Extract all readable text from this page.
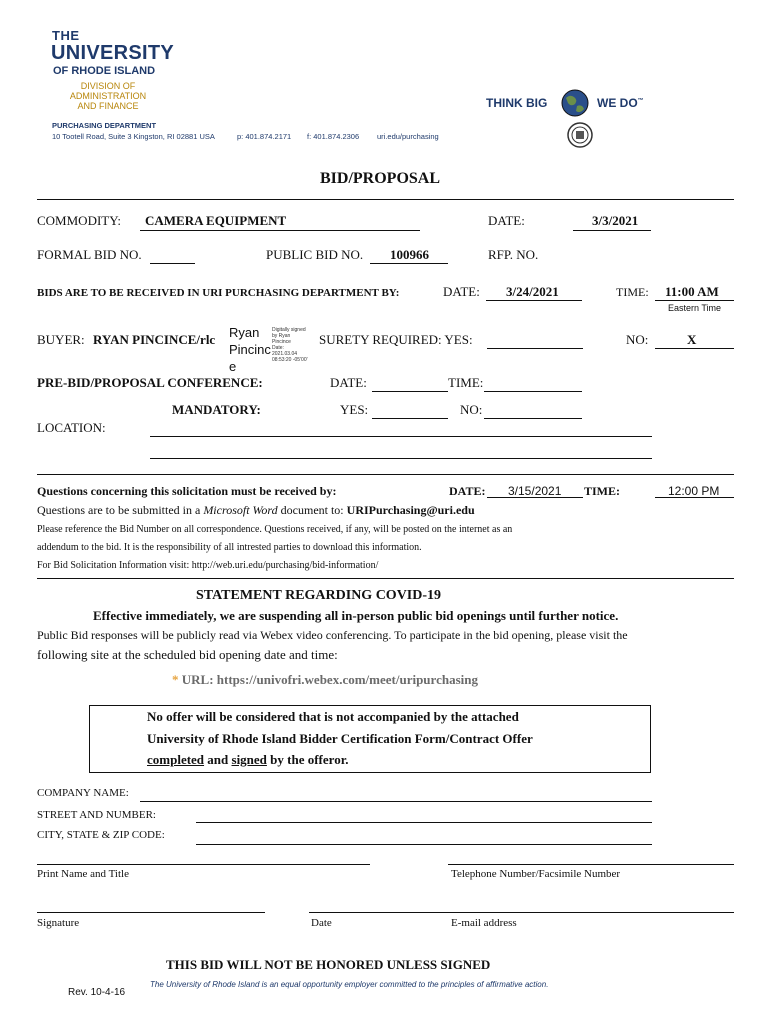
THE
UNIVERSITY
OF RHODE ISLAND
DIVISION OF
ADMINISTRATION
AND FINANCE
PURCHASING DEPARTMENT
10 Tootell Road, Suite 3 Kingston, RI 02881 USA	p: 401.874.2171 f: 401.874.2306 uri.edu/purchasing
THINK BIG	WE DO™
BID/PROPOSAL
COMMODITY: CAMERA EQUIPMENT	DATE:	3/3/2021
FORMAL BID NO.	PUBLIC BID NO. 100966	RFP. NO.
BIDS ARE TO BE RECEIVED IN URI PURCHASING DEPARTMENT BY:	DATE: 3/24/2021	TIME: 11:00 AM
Eastern Time
BUYER: RYAN PINCINCE/rlc Ryan
Pincinc
e
Digitally signed
by Ryan
Pincince
Date:
2021.03.04
08:53:20 -05'00'
SURETY REQUIRED: YES:	NO:	X
PRE-BID/PROPOSAL CONFERENCE:	DATE:	TIME:
MANDATORY:	YES:	NO:
LOCATION:
Questions concerning this solicitation must be received by:	DATE: 3/15/2021 TIME:	12:00 PM
Questions are to be submitted in a Microsoft Word document to: URIPurchasing@uri.edu
Please reference the Bid Number on all correspondence. Questions received, if any, will be posted on the internet as an
addendum to the bid. It is the responsibility of all intrested parties to download this information.
For Bid Solicitation Information visit: http://web.uri.edu/purchasing/bid-information/
STATEMENT REGARDING COVID-19
Effective immediately, we are suspending all in-person public bid openings until further notice.
Public Bid responses will be publicly read via Webex video conferencing. To participate in the bid opening, please visit the
following site at the scheduled bid opening date and time:
* URL: https://univofri.webex.com/meet/uripurchasing
No offer will be considered that is not accompanied by the attached
University of Rhode Island Bidder Certification Form/Contract Offer
completed and signed by the offeror.
COMPANY NAME:
STREET AND NUMBER:
CITY, STATE & ZIP CODE:
Print Name and Title	Telephone Number/Facsimile Number
Signature	Date	E-mail address
THIS BID WILL NOT BE HONORED UNLESS SIGNED
Rev. 10-4-16
The University of Rhode Island is an equal opportunity employer committed to the principles of affirmative action.
